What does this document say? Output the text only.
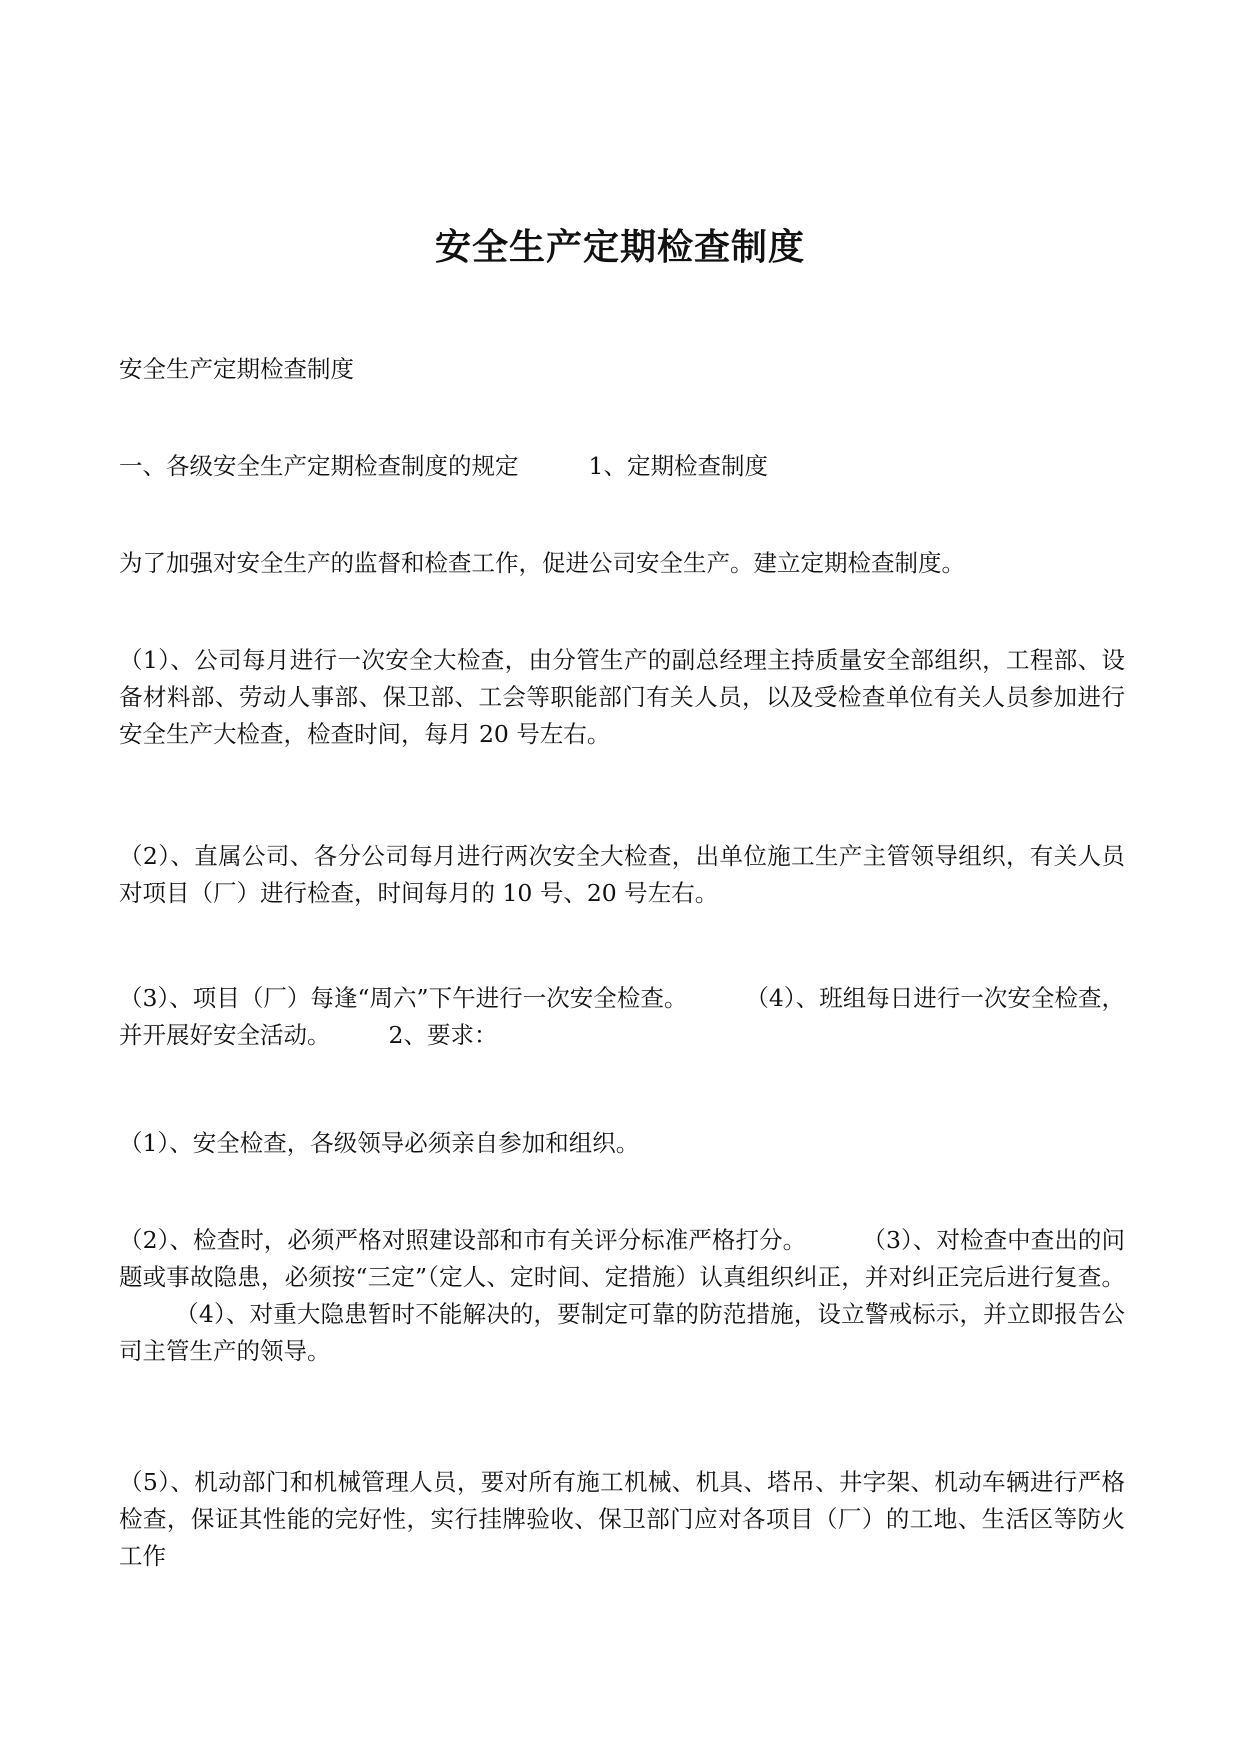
安全生产定期检查制度

安全生产定期检查制度

一、各级安全生产定期检查制度的规定	1、定期检查制度

为了加强对安全生产的监督和检查工作，促进公司安全生产。建立定期检查制度。

（1）、公司每月进行一次安全大检查，由分管生产的副总经理主持质量安全部组织，工程部、设备材料部、劳动人事部、保卫部、工会等职能部门有关人员，以及受检查单位有关人员参加进行安全生产大检查，检查时间，每月 20 号左右。

（2）、直属公司、各分公司每月进行两次安全大检查，出单位施工生产主管领导组织，有关人员对项目（厂）进行检查，时间每月的 10 号、20 号左右。

（3）、项目（厂）每逢“周六”下午进行一次安全检查。 （4）、班组每日进行一次安全检查，并开展好安全活动。 2、要求：

（1）、安全检查，各级领导必须亲自参加和组织。

（2）、检查时，必须严格对照建设部和市有关评分标准严格打分。 （3）、对检查中查出的问题或事故隐患，必须按“三定”（定人、定时间、定措施）认真组织纠正，并对纠正完后进行复查。（4）、对重大隐患暂时不能解决的，要制定可靠的防范措施，设立警戒标示，并立即报告公司主管生产的领导。

（5）、机动部门和机械管理人员，要对所有施工机械、机具、塔吊、井字架、机动车辆进行严格检查，保证其性能的完好性，实行挂牌验收、保卫部门应对各项目（厂）的工地、生活区等防火工作
